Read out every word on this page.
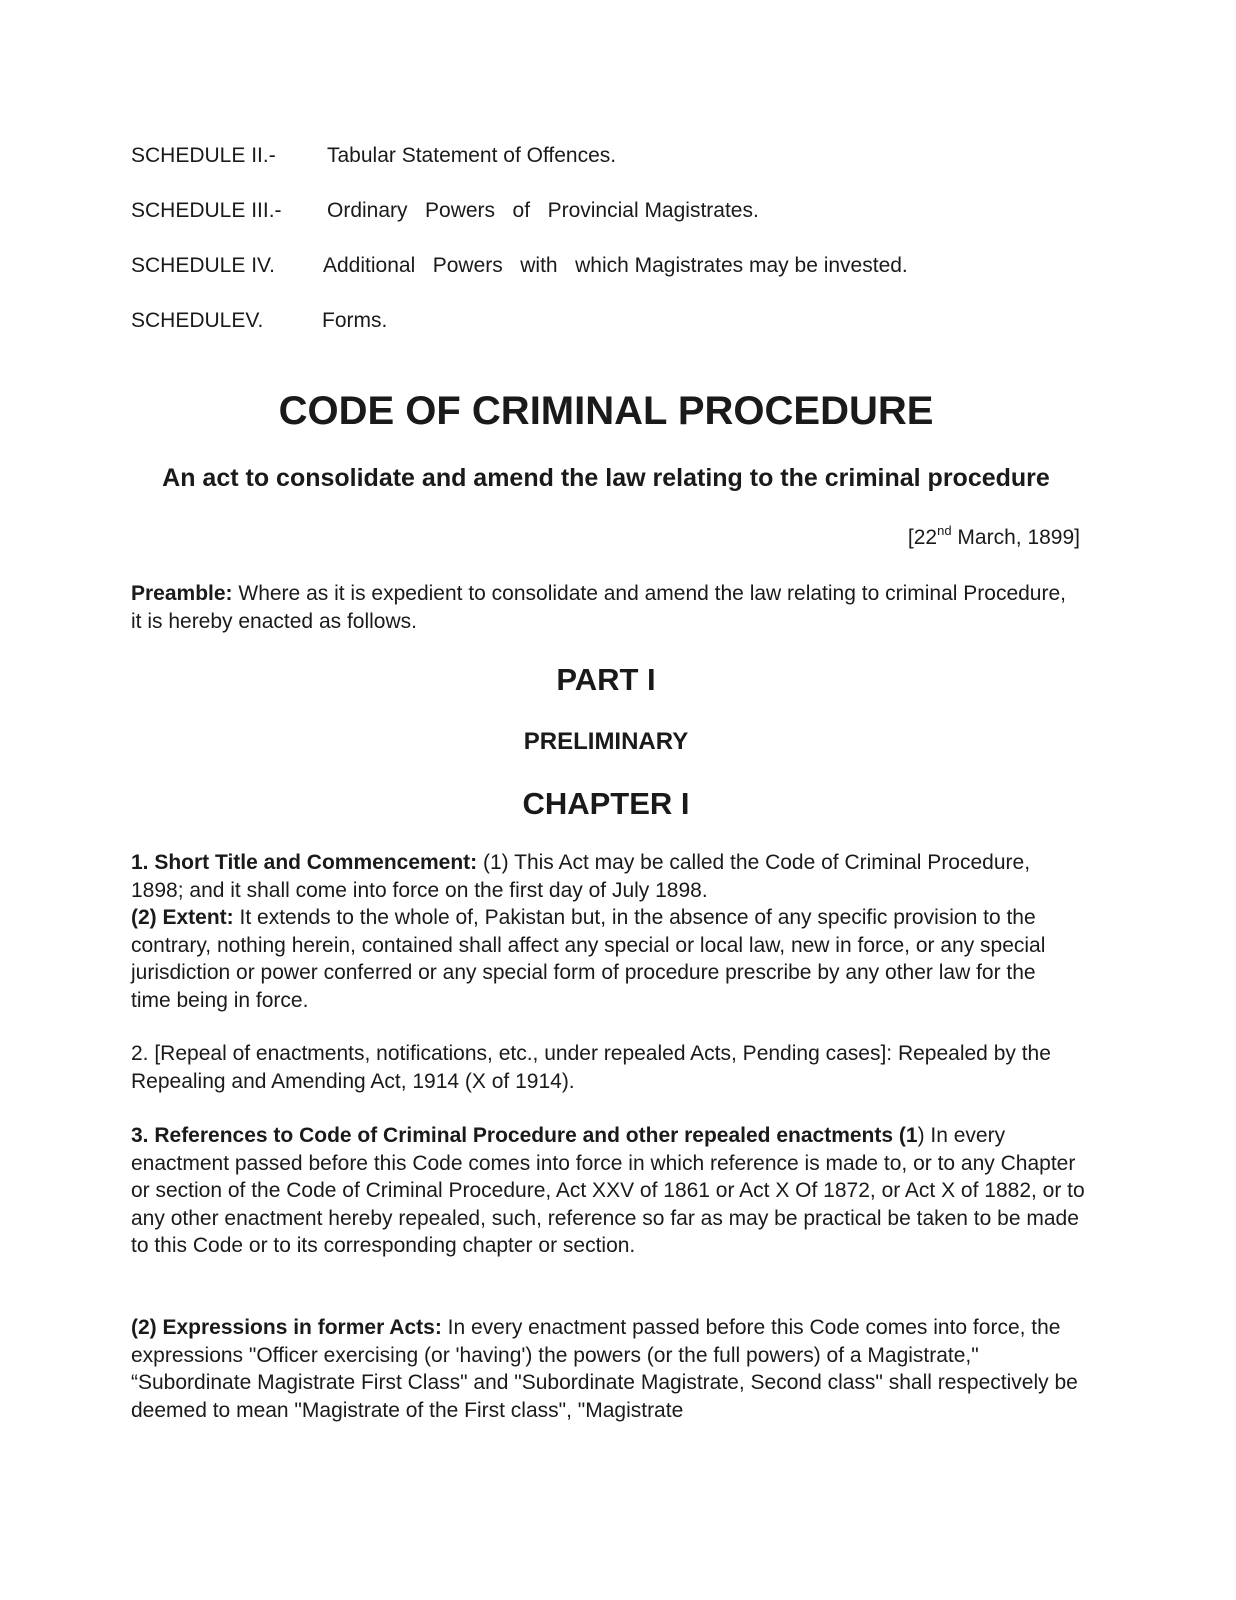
SCHEDULE II.- Tabular Statement of Offences.
SCHEDULE III.- Ordinary   Powers   of   Provincial Magistrates.
SCHEDULE IV. Additional   Powers   with   which Magistrates may be invested.
SCHEDULEV.	Forms.
CODE OF CRIMINAL PROCEDURE
An act to consolidate and amend the law relating to the criminal procedure
[22nd March, 1899]
Preamble: Where as it is expedient to consolidate and amend the law relating to criminal Procedure, it is hereby enacted as follows.
PART I
PRELIMINARY
CHAPTER I
1. Short Title and Commencement: (1) This Act may be called the Code of Criminal Procedure, 1898; and it shall come into force on the first day of July 1898.
(2) Extent: It extends to the whole of, Pakistan but, in the absence of any specific provision to the contrary, nothing herein, contained shall affect any special or local law, new in force, or any special jurisdiction or power conferred or any special form of procedure prescribe by any other law for the time being in force.
2. [Repeal of enactments, notifications, etc., under repealed Acts, Pending cases]: Repealed by the Repealing and Amending Act, 1914 (X of 1914).
3. References to Code of Criminal Procedure and other repealed enactments (1) In every enactment passed before this Code comes into force in which reference is made to, or to any Chapter or section of the Code of Criminal Procedure, Act XXV of 1861 or Act X Of 1872, or Act X of 1882, or to any other enactment hereby repealed, such, reference so far as may be practical be taken to be made to this Code or to its corresponding chapter or section.
(2) Expressions in former Acts: In every enactment passed before this Code comes into force, the expressions "Officer exercising (or 'having') the powers (or the full powers) of a Magistrate," “Subordinate Magistrate First Class" and "Subordinate Magistrate, Second class" shall respectively be deemed to mean "Magistrate of the First class", "Magistrate
